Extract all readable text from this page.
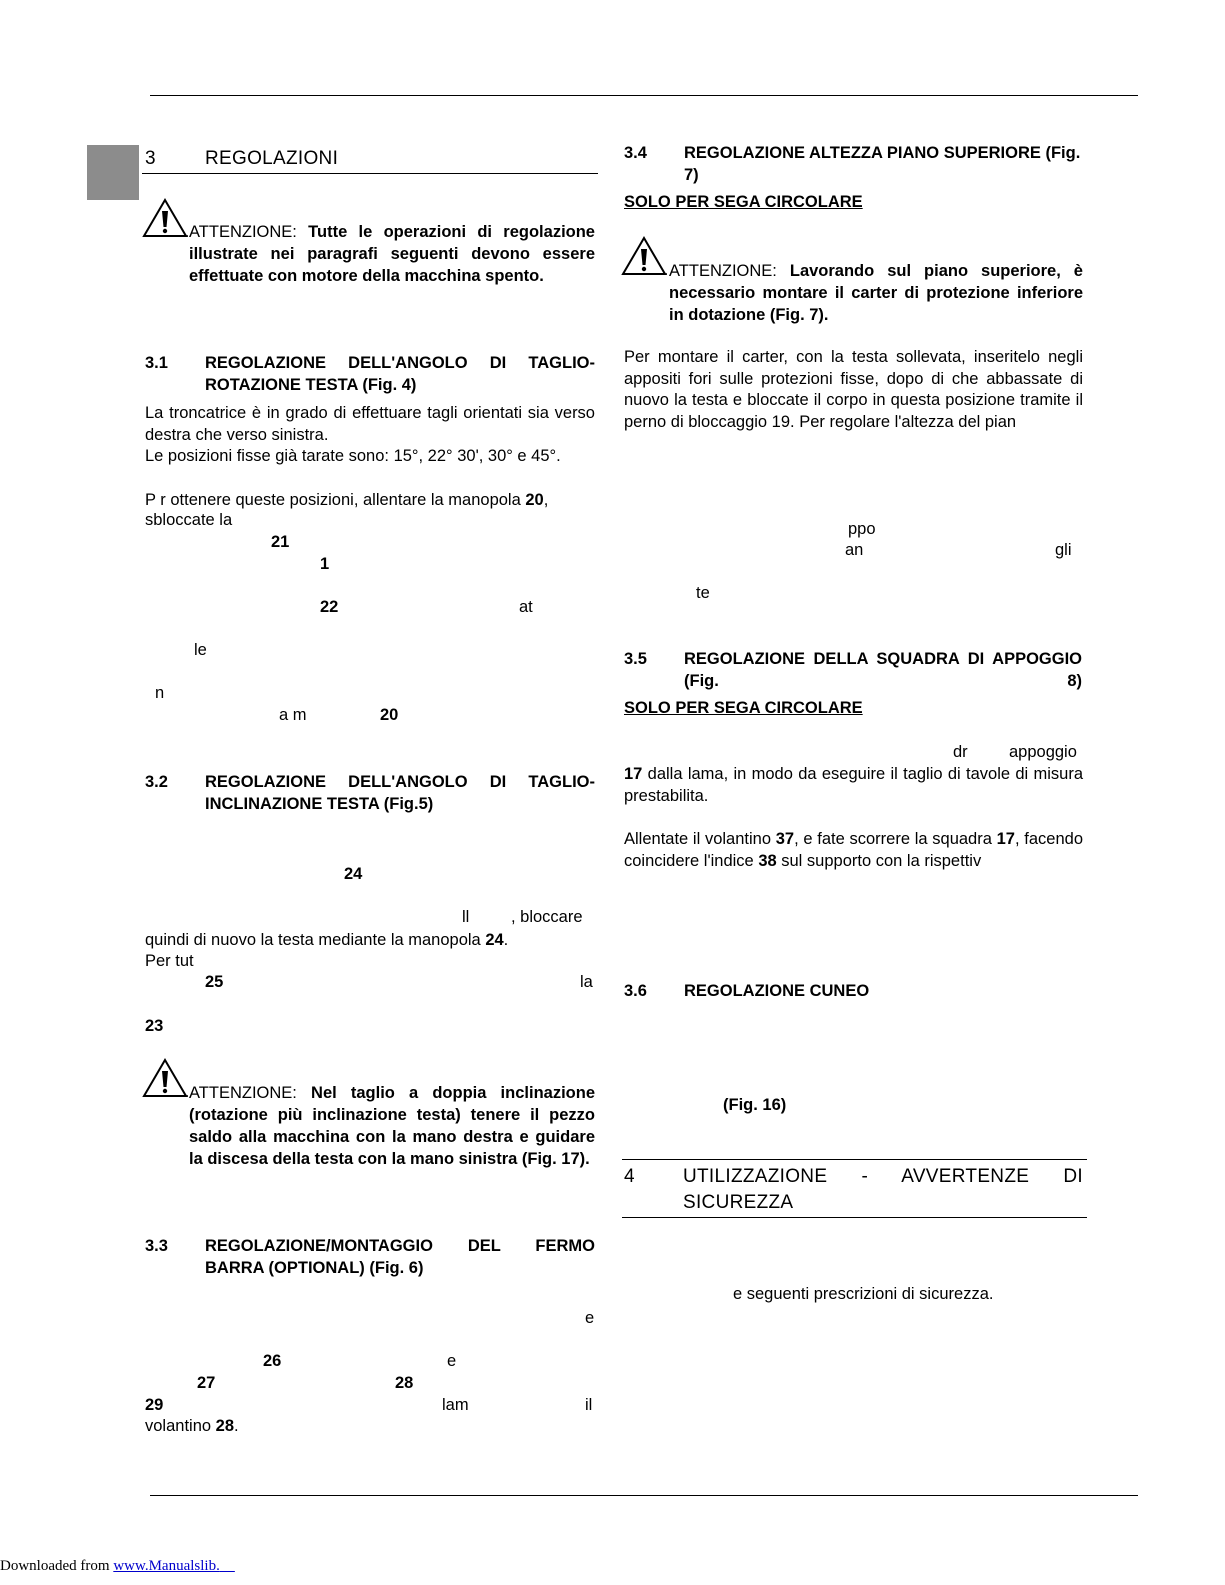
3	REGOLAZIONI
ATTENZIONE: Tutte le operazioni di regolazione illustrate nei paragrafi seguenti devono essere effettuate con motore della macchina spento.
3.1 REGOLAZIONE DELL'ANGOLO DI TAGLIO-ROTAZIONE TESTA (Fig. 4)
La troncatrice è in grado di effettuare tagli orientati sia verso destra che verso sinistra.
Le posizioni fisse già tarate sono: 15°, 22° 30', 30° e 45°.
P r ottenere queste posizioni, allentare la manopola 20,
sbloccate la
21
1
22	at
le
n
a m	20
3.2 REGOLAZIONE DELL'ANGOLO DI TAGLIO-INCLINAZIONE TESTA (Fig.5)
24
ll	, bloccare
quindi di nuovo la testa mediante la manopola 24.
Per tut
25	la
23
ATTENZIONE: Nel taglio a doppia inclinazione (rotazione più inclinazione testa) tenere il pezzo saldo alla macchina con la mano destra e guidare la discesa della testa con la mano sinistra (Fig. 17).
3.3 REGOLAZIONE/MONTAGGIO DEL FERMO BARRA (OPTIONAL) (Fig. 6)
e
26	e
27	28
29	lam	il
volantino 28.
3.4 REGOLAZIONE ALTEZZA PIANO SUPERIORE (Fig. 7)
SOLO PER SEGA CIRCOLARE
ATTENZIONE: Lavorando sul piano superiore, è necessario montare il carter di protezione inferiore in dotazione (Fig. 7).
Per montare il carter, con la testa sollevata, inseritelo negli appositi fori sulle protezioni fisse, dopo di che abbassate di nuovo la testa e bloccate il corpo in questa posizione tramite il perno di bloccaggio 19. Per regolare l'altezza del pian
ppo
an	gli
te
3.5 REGOLAZIONE DELLA SQUADRA DI APPOGGIO (Fig. 8)
SOLO PER SEGA CIRCOLARE
dr	appoggio
17 dalla lama, in modo da eseguire il taglio di tavole di misura prestabilita.
Allentate il volantino 37, e fate scorrere la squadra 17, facendo coincidere l'indice 38 sul supporto con la rispettiv
3.6 REGOLAZIONE CUNEO
(Fig. 16)
4	UTILIZZAZIONE - AVVERTENZE DI SICUREZZA
e seguenti prescrizioni di sicurezza.
Downloaded from www.Manualslib.
